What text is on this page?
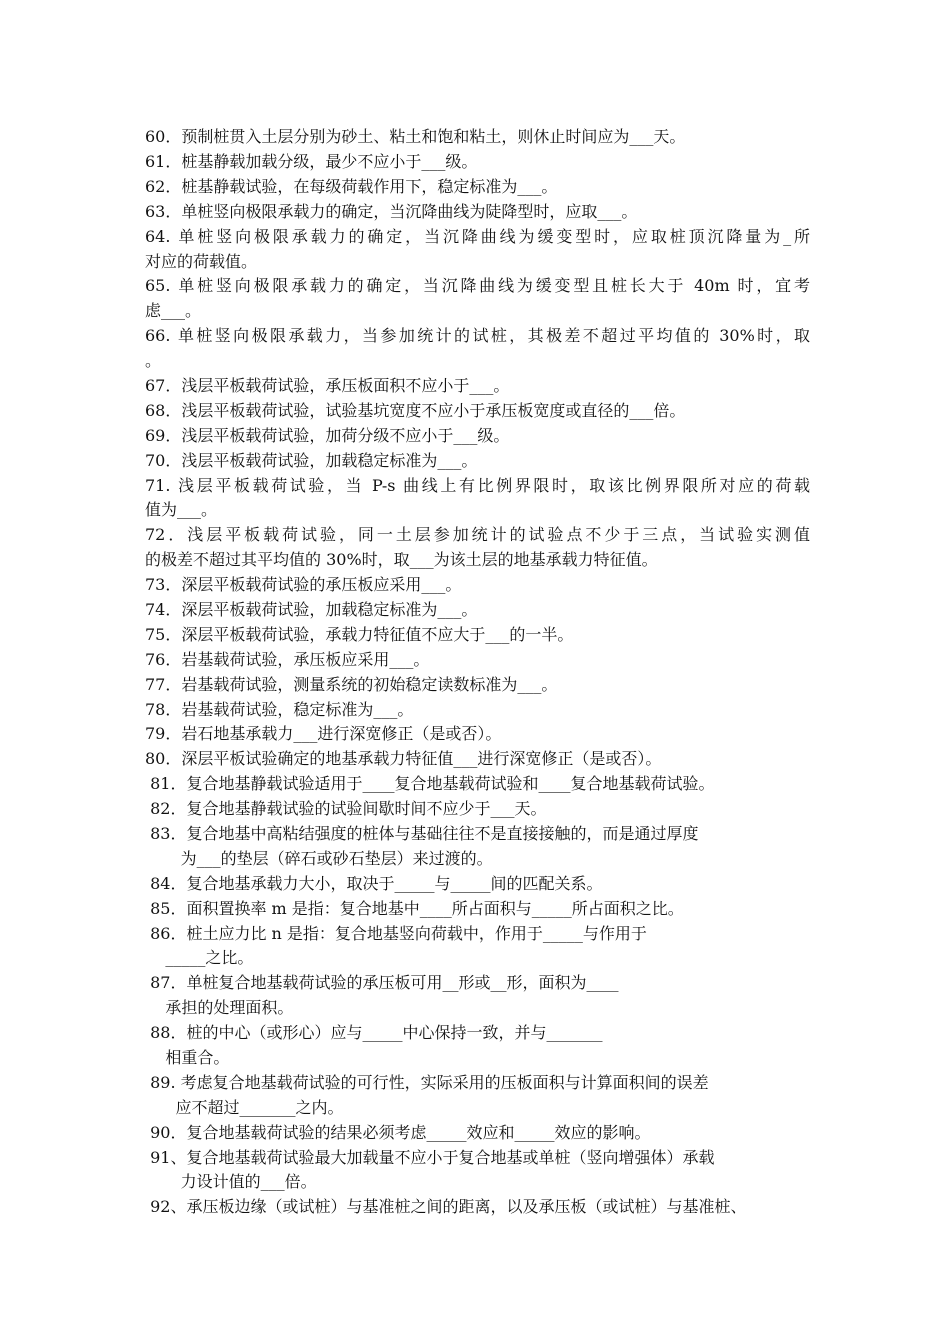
60．预制桩贯入土层分别为砂土、粘土和饱和粘土，则休止时间应为___天。
61．桩基静载加载分级，最少不应小于___级。
62．桩基静载试验，在每级荷载作用下，稳定标准为___。
63．单桩竖向极限承载力的确定，当沉降曲线为陡降型时，应取___。
64. 单桩竖向极限承载力的确定，当沉降曲线为缓变型时，应取桩顶沉降量为_所
对应的荷载值。
65. 单桩竖向极限承载力的确定，当沉降曲线为缓变型且桩长大于 40m 时，宜考
虑___。
66. 单桩竖向极限承载力，当参加统计的试桩，其极差不超过平均值的 30%时，取
。
67．浅层平板载荷试验，承压板面积不应小于___。
68．浅层平板载荷试验，试验基坑宽度不应小于承压板宽度或直径的___倍。
69．浅层平板载荷试验，加荷分级不应小于___级。
70．浅层平板载荷试验，加载稳定标准为___。
71. 浅层平板载荷试验，当 P-s 曲线上有比例界限时，取该比例界限所对应的荷载
值为___。
72．浅层平板载荷试验，同一土层参加统计的试验点不少于三点，当试验实测值
的极差不超过其平均值的 30%时，取___为该土层的地基承载力特征值。
73．深层平板载荷试验的承压板应采用___。
74．深层平板载荷试验，加载稳定标准为___。
75．深层平板载荷试验，承载力特征值不应大于___的一半。
76．岩基载荷试验，承压板应采用___。
77．岩基载荷试验，测量系统的初始稳定读数标准为___。
78．岩基载荷试验，稳定标准为___。
79．岩石地基承载力___进行深宽修正（是或否）。
80．深层平板试验确定的地基承载力特征值___进行深宽修正（是或否）。
81．复合地基静载试验适用于____复合地基载荷试验和____复合地基载荷试验。
82．复合地基静载试验的试验间歇时间不应少于___天。
83．复合地基中高粘结强度的桩体与基础往往不是直接接触的，而是通过厚度
为___的垫层（碎石或砂石垫层）来过渡的。
84．复合地基承载力大小，取决于_____与_____间的匹配关系。
85．面积置换率 m 是指：复合地基中____所占面积与_____所占面积之比。
86．桩土应力比 n 是指：复合地基竖向荷载中，作用于_____与作用于
_____之比。
87．单桩复合地基载荷试验的承压板可用__形或__形，面积为____
承担的处理面积。
88．桩的中心（或形心）应与_____中心保持一致，并与_______
相重合。
89. 考虑复合地基载荷试验的可行性，实际采用的压板面积与计算面积间的误差
应不超过_______之内。
90．复合地基载荷试验的结果必须考虑_____效应和_____效应的影响。
91、复合地基载荷试验最大加载量不应小于复合地基或单桩（竖向增强体）承载
力设计值的___倍。
92、承压板边缘（或试桩）与基准桩之间的距离，以及承压板（或试桩）与基准桩、
